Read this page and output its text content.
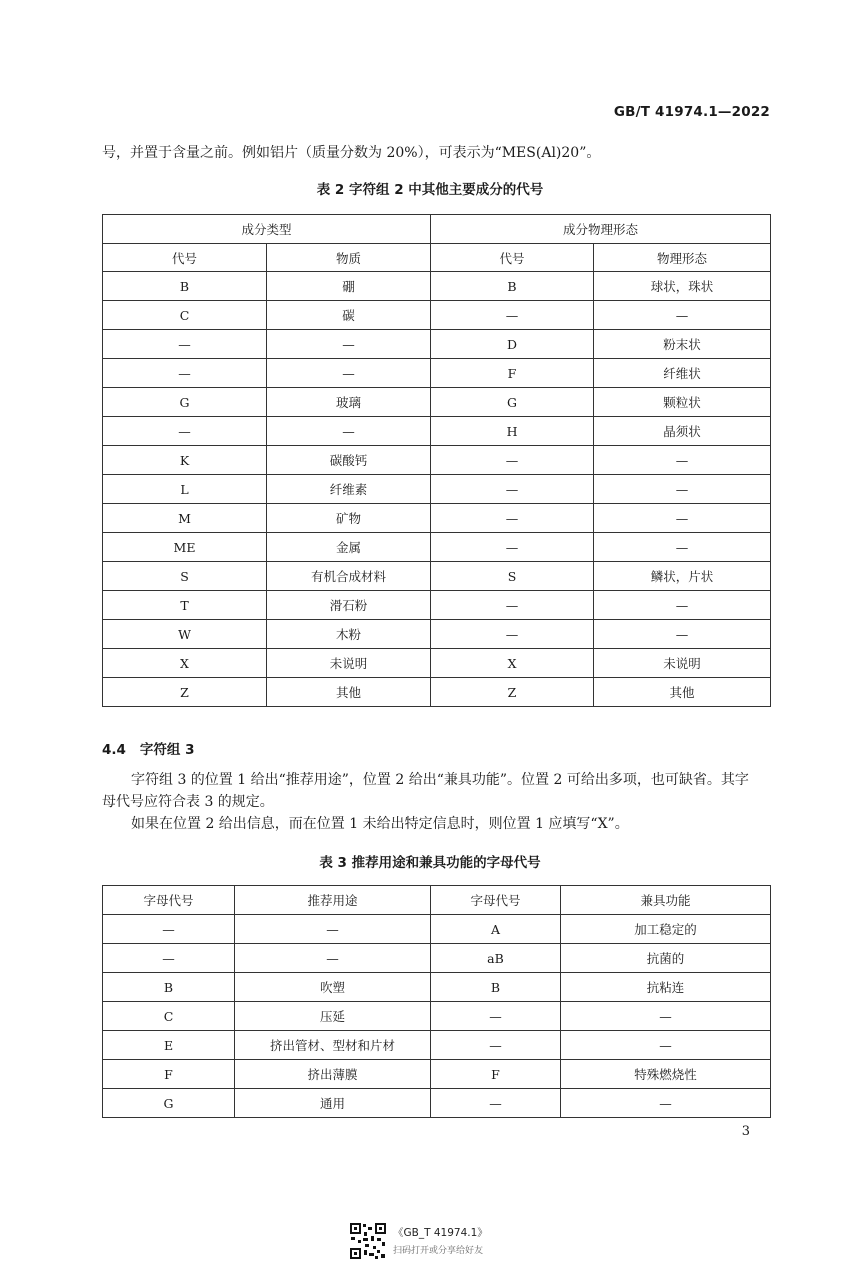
GB/T 41974.1—2022

号，并置于含量之前。例如铝片（质量分数为 20%），可表示为“MES(Al)20”。

表 2 字符组 2 中其他主要成分的代号
成分类型		成分物理形态	
代号	物质	代号	物理形态
B	硼	B	球状，珠状
C	碳	—	—
—	—	D	粉末状
—	—	F	纤维状
G	玻璃	G	颗粒状
—	—	H	晶须状
K	碳酸钙	—	—
L	纤维素	—	—
M	矿物	—	—
ME	金属	—	—
S	有机合成材料	S	鳞状，片状
T	滑石粉	—	—
W	木粉	—	—
X	未说明	X	未说明
Z	其他	Z	其他
4.4 字符组 3

字符组 3 的位置 1 给出“推荐用途”，位置 2 给出“兼具功能”。位置 2 可给出多项，也可缺省。其字

母代号应符合表 3 的规定。

如果在位置 2 给出信息，而在位置 1 未给出特定信息时，则位置 1 应填写“X”。

表 3 推荐用途和兼具功能的字母代号
字母代号	推荐用途	字母代号	兼具功能
—	—	A	加工稳定的
—	—	aB	抗菌的
B	吹塑	B	抗粘连
C	压延	—	—
E	挤出管材、型材和片材	—	—
F	挤出薄膜	F	特殊燃烧性
G	通用	—	—
3
《GB_T 41974.1》
扫码打开或分享给好友
